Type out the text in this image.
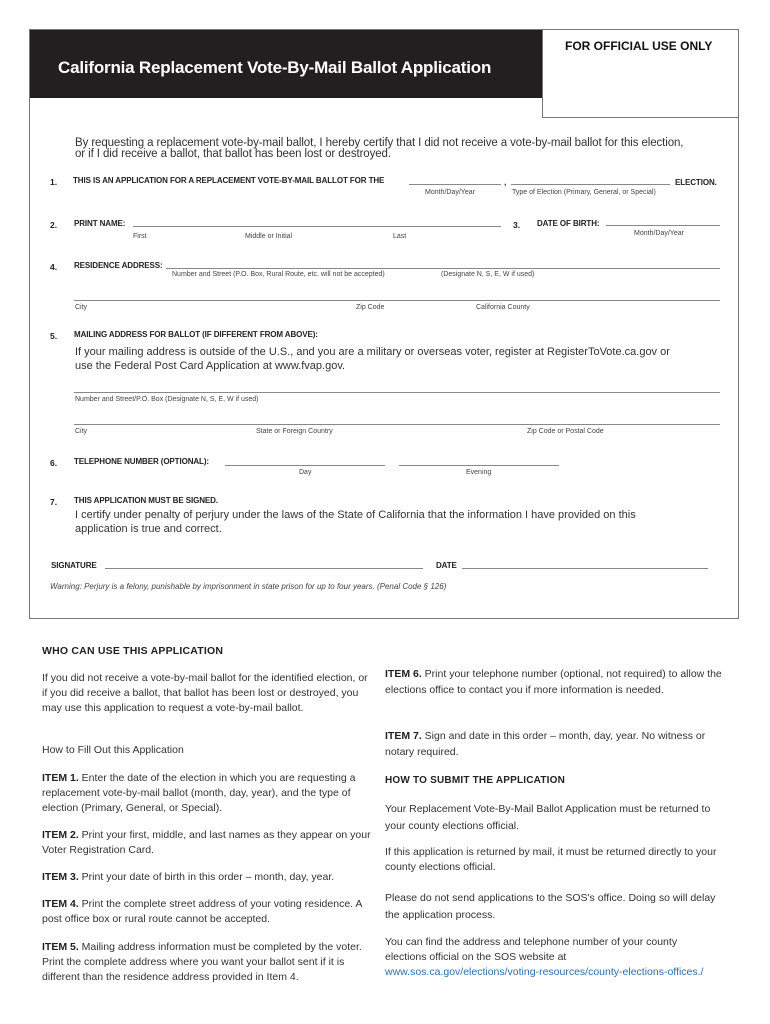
California Replacement Vote-By-Mail Ballot Application
FOR OFFICIAL USE ONLY
By requesting a replacement vote-by-mail ballot, I hereby certify that I did not receive a vote-by-mail ballot for this election,
or if I did receive a ballot, that ballot has been lost or destroyed.
1. THIS IS AN APPLICATION FOR A REPLACEMENT VOTE-BY-MAIL BALLOT FOR THE	,	ELECTION.
Month/Day/Year	Type of Election (Primary, General, or Special)
2. PRINT NAME:
First	Middle or Initial	Last
3. DATE OF BIRTH:
Month/Day/Year
4. RESIDENCE ADDRESS:
Number and Street (P.O. Box, Rural Route, etc. will not be accepted)	(Designate N, S, E, W if used)
City	Zip Code	California County
5. MAILING ADDRESS FOR BALLOT (IF DIFFERENT FROM ABOVE):
If your mailing address is outside of the U.S., and you are a military or overseas voter, register at RegisterToVote.ca.gov or
use the Federal Post Card Application at www.fvap.gov.
Number and Street/P.O. Box (Designate N, S, E, W if used)
City	State or Foreign Country	Zip Code or Postal Code
6. TELEPHONE NUMBER (OPTIONAL):
Day	Evening
7. THIS APPLICATION MUST BE SIGNED.
I certify under penalty of perjury under the laws of the State of California that the information I have provided on this
application is true and correct.
SIGNATURE	DATE
Warning: Perjury is a felony, punishable by imprisonment in state prison for up to four years. (Penal Code § 126)
WHO CAN USE THIS APPLICATION
If you did not receive a vote-by-mail ballot for the identified election, or if you did receive a ballot, that ballot has been lost or destroyed, you may use this application to request a vote-by-mail ballot.
How to Fill Out this Application
ITEM 1. Enter the date of the election in which you are requesting a replacement vote-by-mail ballot (month, day, year), and the type of election (Primary, General, or Special).
ITEM 2. Print your first, middle, and last names as they appear on your Voter Registration Card.
ITEM 3. Print your date of birth in this order – month, day, year.
ITEM 4. Print the complete street address of your voting residence. A post office box or rural route cannot be accepted.
ITEM 5. Mailing address information must be completed by the voter. Print the complete address where you want your ballot sent if it is different than the residence address provided in Item 4.
ITEM 6. Print your telephone number (optional, not required) to allow the elections office to contact you if more information is needed.
ITEM 7. Sign and date in this order – month, day, year. No witness or notary required.
HOW TO SUBMIT THE APPLICATION
Your Replacement Vote-By-Mail Ballot Application must be returned to your county elections official.
If this application is returned by mail, it must be returned directly to your county elections official.
Please do not send applications to the SOS's office. Doing so will delay the application process.
You can find the address and telephone number of your county elections official on the SOS website at www.sos.ca.gov/elections/voting-resources/county-elections-offices./
